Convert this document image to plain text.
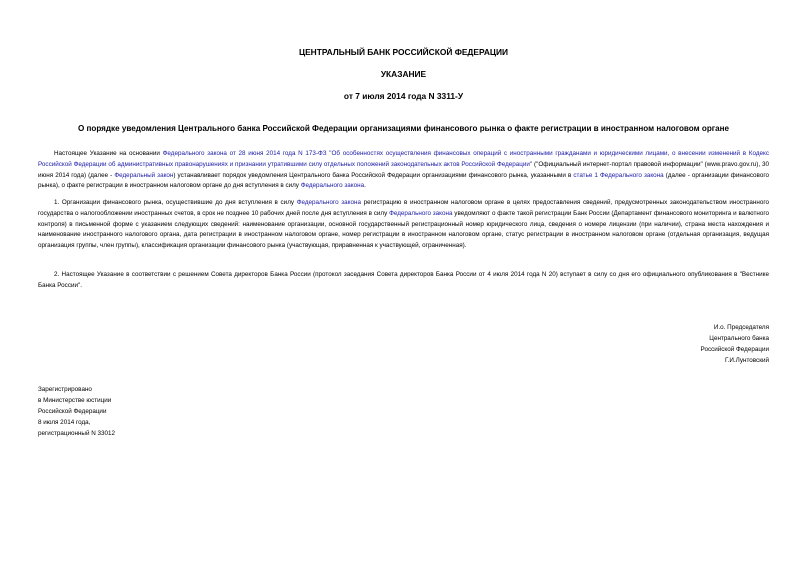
ЦЕНТРАЛЬНЫЙ БАНК РОССИЙСКОЙ ФЕДЕРАЦИИ
УКАЗАНИЕ
от 7 июля 2014 года N 3311-У
О порядке уведомления Центрального банка Российской Федерации организациями финансового рынка о факте регистрации в иностранном налоговом органе
Настоящее Указание на основании Федерального закона от 28 июня 2014 года N 173-ФЗ "Об особенностях осуществления финансовых операций с иностранными гражданами и юридическими лицами, о внесении изменений в Кодекс Российской Федерации об административных правонарушениях и признании утратившими силу отдельных положений законодательных актов Российской Федерации" ("Официальный интернет-портал правовой информации" (www.pravo.gov.ru), 30 июня 2014 года) (далее - Федеральный закон) устанавливает порядок уведомления Центрального банка Российской Федерации организациями финансового рынка, указанными в статье 1 Федерального закона (далее - организации финансового рынка), о факте регистрации в иностранном налоговом органе до дня вступления в силу Федерального закона.
1. Организации финансового рынка, осуществившие до дня вступления в силу Федерального закона регистрацию в иностранном налоговом органе в целях предоставления сведений, предусмотренных законодательством иностранного государства о налогообложении иностранных счетов, в срок не позднее 10 рабочих дней после дня вступления в силу Федерального закона уведомляют о факте такой регистрации Банк России (Департамент финансового мониторинга и валютного контроля) в письменной форме с указанием следующих сведений: наименование организации, основной государственный регистрационный номер юридического лица, сведения о номере лицензии (при наличии), страна места нахождения и наименование иностранного налогового органа, дата регистрации в иностранном налоговом органе, номер регистрации в иностранном налоговом органе, статус регистрации в иностранном налоговом органе (отдельная организация, ведущая организация группы, член группы), классификация организации финансового рынка (участвующая, приравненная к участвующей, ограниченная).
2. Настоящее Указание в соответствии с решением Совета директоров Банка России (протокол заседания Совета директоров Банка России от 4 июля 2014 года N 20) вступает в силу со дня его официального опубликования в "Вестнике Банка России".
И.о. Председателя
Центрального банка
Российской Федерации
Г.И.Лунтовский
Зарегистрировано
в Министерстве юстиции
Российской Федерации
8 июля 2014 года,
регистрационный N 33012
